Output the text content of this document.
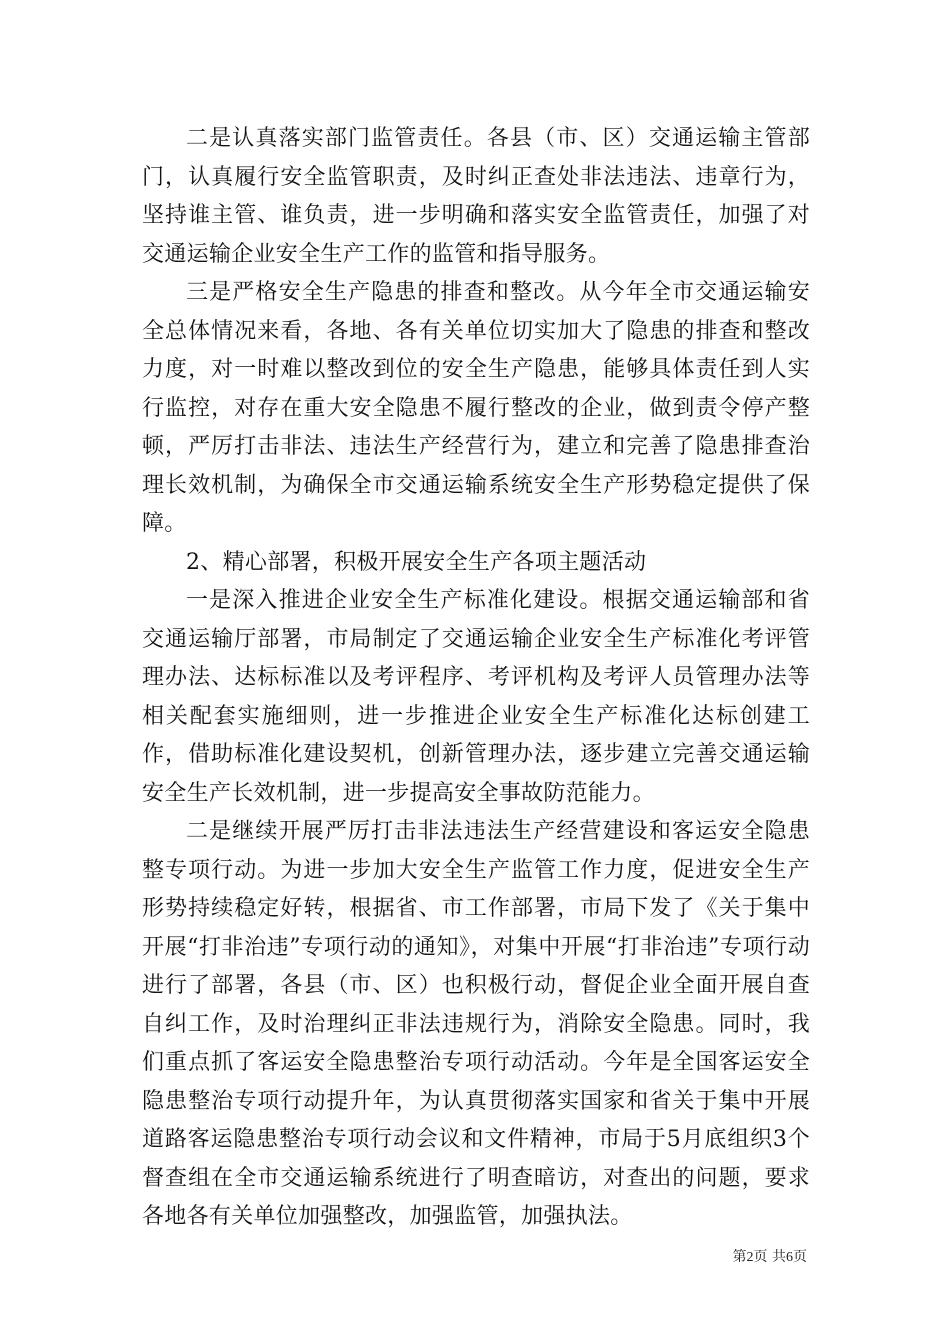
二是认真落实部门监管责任。各县（市、区）交通运输主管部门，认真履行安全监管职责，及时纠正查处非法违法、违章行为，坚持谁主管、谁负责，进一步明确和落实安全监管责任，加强了对交通运输企业安全生产工作的监管和指导服务。

三是严格安全生产隐患的排查和整改。从今年全市交通运输安全总体情况来看，各地、各有关单位切实加大了隐患的排查和整改力度，对一时难以整改到位的安全生产隐患，能够具体责任到人实行监控，对存在重大安全隐患不履行整改的企业，做到责令停产整顿，严厉打击非法、违法生产经营行为，建立和完善了隐患排查治理长效机制，为确保全市交通运输系统安全生产形势稳定提供了保障。

2、精心部署，积极开展安全生产各项主题活动

一是深入推进企业安全生产标准化建设。根据交通运输部和省交通运输厅部署，市局制定了交通运输企业安全生产标准化考评管理办法、达标标准以及考评程序、考评机构及考评人员管理办法等相关配套实施细则，进一步推进企业安全生产标准化达标创建工作，借助标准化建设契机，创新管理办法，逐步建立完善交通运输安全生产长效机制，进一步提高安全事故防范能力。

二是继续开展严厉打击非法违法生产经营建设和客运安全隐患整专项行动。为进一步加大安全生产监管工作力度，促进安全生产形势持续稳定好转，根据省、市工作部署，市局下发了《关于集中开展“打非治违”专项行动的通知》，对集中开展“打非治违”专项行动进行了部署，各县（市、区）也积极行动，督促企业全面开展自查自纠工作，及时治理纠正非法违规行为，消除安全隐患。同时，我们重点抓了客运安全隐患整治专项行动活动。今年是全国客运安全隐患整治专项行动提升年，为认真贯彻落实国家和省关于集中开展道路客运隐患整治专项行动会议和文件精神，市局于5月底组织3个督查组在全市交通运输系统进行了明查暗访，对查出的问题，要求各地各有关单位加强整改，加强监管，加强执法。

第2页 共6页
